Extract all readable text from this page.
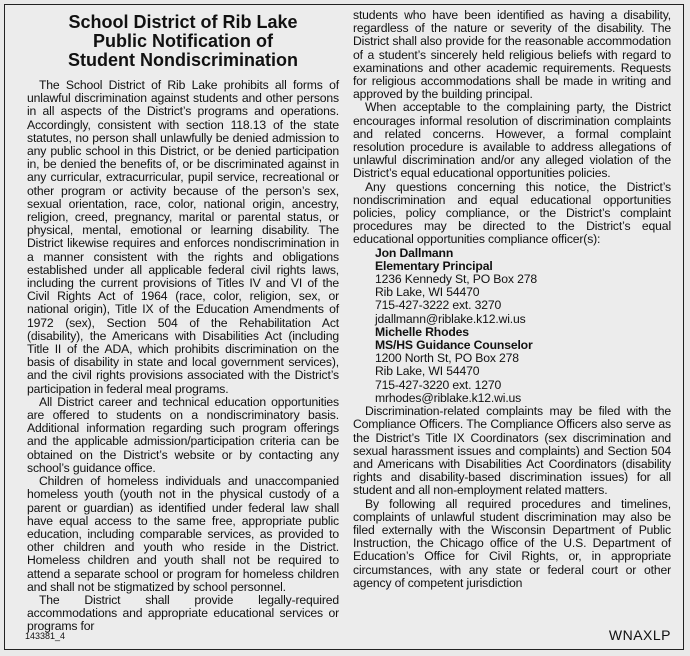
School District of Rib Lake
Public Notification of
Student Nondiscrimination

The School District of Rib Lake prohibits all forms of unlawful discrimination against students and other persons in all aspects of the District’s programs and operations. Accordingly, consistent with section 118.13 of the state statutes, no person shall unlawfully be denied admission to any public school in this District, or be denied participation in, be denied the benefits of, or be discriminated against in any curricular, extracurricular, pupil service, recreational or other program or activity because of the person’s sex, sexual orientation, race, color, national origin, ancestry, religion, creed, pregnancy, marital or parental status, or physical, mental, emotional or learning disability. The District likewise requires and enforces nondiscrimination in a manner consistent with the rights and obligations established under all applicable federal civil rights laws, including the current provisions of Titles IV and VI of the Civil Rights Act of 1964 (race, color, religion, sex, or national origin), Title IX of the Education Amendments of 1972 (sex), Section 504 of the Rehabilitation Act (disability), the Americans with Disabilities Act (including Title II of the ADA, which prohibits discrimination on the basis of disability in state and local government services), and the civil rights provisions associated with the District’s participation in federal meal programs.

All District career and technical education opportunities are offered to students on a nondiscriminatory basis. Additional information regarding such program offerings and the applicable admission/participation criteria can be obtained on the District’s website or by contacting any school’s guidance office.

Children of homeless individuals and unaccompanied homeless youth (youth not in the physical custody of a parent or guardian) as identified under federal law shall have equal access to the same free, appropriate public education, including comparable services, as provided to other children and youth who reside in the District. Homeless children and youth shall not be required to attend a separate school or program for homeless children and shall not be stigmatized by school personnel.

The District shall provide legally-required accommodations and appropriate educational services or programs for

students who have been identified as having a disability, regardless of the nature or severity of the disability. The District shall also provide for the reasonable accommodation of a student’s sincerely held religious beliefs with regard to examinations and other academic requirements. Requests for religious accommodations shall be made in writing and approved by the building principal.

When acceptable to the complaining party, the District encourages informal resolution of discrimination complaints and related concerns. However, a formal complaint resolution procedure is available to address allegations of unlawful discrimination and/or any alleged violation of the District’s equal educational opportunities policies.

Any questions concerning this notice, the District’s nondiscrimination and equal educational opportunities policies, policy compliance, or the District’s complaint procedures may be directed to the District’s equal educational opportunities compliance officer(s):

Jon Dallmann
Elementary Principal
1236 Kennedy St, PO Box 278
Rib Lake, WI 54470
715-427-3222 ext. 3270
jdallmann@riblake.k12.wi.us
Michelle Rhodes
MS/HS Guidance Counselor
1200 North St, PO Box 278
Rib Lake, WI 54470
715-427-3220 ext. 1270
mrhodes@riblake.k12.wi.us

Discrimination-related complaints may be filed with the Compliance Officers. The Compliance Officers also serve as the District’s Title IX Coordinators (sex discrimination and sexual harassment issues and complaints) and Section 504 and Americans with Disabilities Act Coordinators (disability rights and disability-based discrimination issues) for all student and all non-employment related matters.

By following all required procedures and timelines, complaints of unlawful student discrimination may also be filed externally with the Wisconsin Department of Public Instruction, the Chicago office of the U.S. Department of Education’s Office for Civil Rights, or, in appropriate circumstances, with any state or federal court or other agency of competent jurisdiction

143381_4	WNAXLP
